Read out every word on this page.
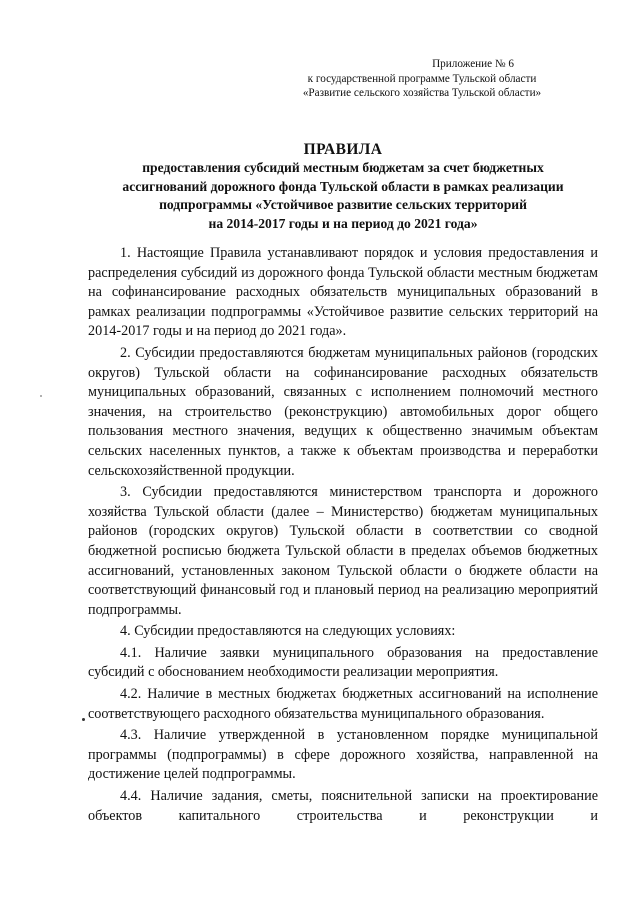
Приложение № 6
к государственной программе Тульской области
«Развитие сельского хозяйства Тульской области»
ПРАВИЛА
предоставления субсидий местным бюджетам за счет бюджетных
ассигнований дорожного фонда Тульской области в рамках реализации
подпрограммы «Устойчивое развитие сельских территорий
на 2014-2017 годы и на период до 2021 года»

1. Настоящие Правила устанавливают порядок и условия предоставления и распределения субсидий из дорожного фонда Тульской области местным бюджетам на софинансирование расходных обязательств муниципальных образований в рамках реализации подпрограммы «Устойчивое развитие сельских территорий на 2014-2017 годы и на период до 2021 года».

2. Субсидии предоставляются бюджетам муниципальных районов (городских округов) Тульской области на софинансирование расходных обязательств муниципальных образований, связанных с исполнением полномочий местного значения, на строительство (реконструкцию) автомобильных дорог общего пользования местного значения, ведущих к общественно значимым объектам сельских населенных пунктов, а также к объектам производства и переработки сельскохозяйственной продукции.

3. Субсидии предоставляются министерством транспорта и дорожного хозяйства Тульской области (далее – Министерство) бюджетам муниципальных районов (городских округов) Тульской области в соответствии со сводной бюджетной росписью бюджета Тульской области в пределах объемов бюджетных ассигнований, установленных законом Тульской области о бюджете области на соответствующий финансовый год и плановый период на реализацию мероприятий подпрограммы.

4. Субсидии предоставляются на следующих условиях:

4.1. Наличие заявки муниципального образования на предоставление субсидий с обоснованием необходимости реализации мероприятия.

4.2. Наличие в местных бюджетах бюджетных ассигнований на исполнение соответствующего расходного обязательства муниципального образования.

4.3. Наличие утвержденной в установленном порядке муниципальной программы (подпрограммы) в сфере дорожного хозяйства, направленной на достижение целей подпрограммы.

4.4. Наличие задания, сметы, пояснительной записки на проектирование объектов капитального строительства и реконструкции и
